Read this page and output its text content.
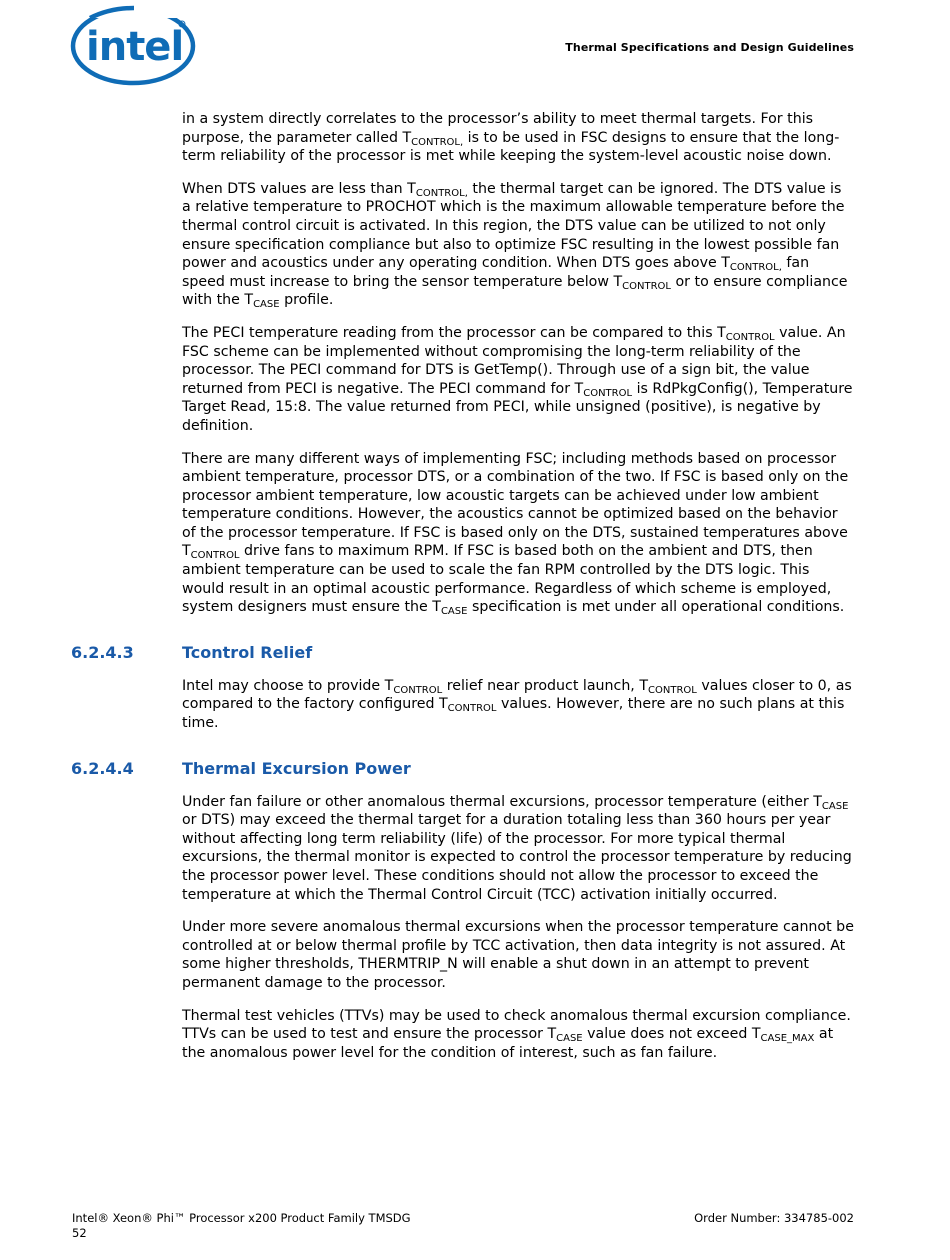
intel	Thermal Specifications and Design Guidelines

in a system directly correlates to the processor’s ability to meet thermal targets. For this purpose, the parameter called $T_{CONTROL,}$ is to be used in FSC designs to ensure that the long-term reliability of the processor is met while keeping the system-level acoustic noise down.

When DTS values are less than $T_{CONTROL,}$ the thermal target can be ignored. The DTS value is a relative temperature to PROCHOT which is the maximum allowable temperature before the thermal control circuit is activated. In this region, the DTS value can be utilized to not only ensure specification compliance but also to optimize FSC resulting in the lowest possible fan power and acoustics under any operating condition. When DTS goes above $T_{CONTROL,}$ fan speed must increase to bring the sensor temperature below $T_{CONTROL}$ or to ensure compliance with the $T_{CASE}$ profile.

The PECI temperature reading from the processor can be compared to this $T_{CONTROL}$ value. An FSC scheme can be implemented without compromising the long-term reliability of the processor. The PECI command for DTS is GetTemp(). Through use of a sign bit, the value returned from PECI is negative. The PECI command for $T_{CONTROL}$ is RdPkgConfig(), Temperature Target Read, 15:8. The value returned from PECI, while unsigned (positive), is negative by definition.

There are many different ways of implementing FSC; including methods based on processor ambient temperature, processor DTS, or a combination of the two. If FSC is based only on the processor ambient temperature, low acoustic targets can be achieved under low ambient temperature conditions. However, the acoustics cannot be optimized based on the behavior of the processor temperature. If FSC is based only on the DTS, sustained temperatures above $T_{CONTROL}$ drive fans to maximum RPM. If FSC is based both on the ambient and DTS, then ambient temperature can be used to scale the fan RPM controlled by the DTS logic. This would result in an optimal acoustic performance. Regardless of which scheme is employed, system designers must ensure the $T_{CASE}$ specification is met under all operational conditions.

6.2.4.3	Tcontrol Relief

Intel may choose to provide $T_{CONTROL}$ relief near product launch, $T_{CONTROL}$ values closer to 0, as compared to the factory configured $T_{CONTROL}$ values. However, there are no such plans at this time.

6.2.4.4	Thermal Excursion Power

Under fan failure or other anomalous thermal excursions, processor temperature (either $T_{CASE}$ or DTS) may exceed the thermal target for a duration totaling less than 360 hours per year without affecting long term reliability (life) of the processor. For more typical thermal excursions, the thermal monitor is expected to control the processor temperature by reducing the processor power level. These conditions should not allow the processor to exceed the temperature at which the Thermal Control Circuit (TCC) activation initially occurred.

Under more severe anomalous thermal excursions when the processor temperature cannot be controlled at or below thermal profile by TCC activation, then data integrity is not assured. At some higher thresholds, THERMTRIP_N will enable a shut down in an attempt to prevent permanent damage to the processor.

Thermal test vehicles (TTVs) may be used to check anomalous thermal excursion compliance. TTVs can be used to test and ensure the processor $T_{CASE}$ value does not exceed $T_{CASE\_MAX}$ at the anomalous power level for the condition of interest, such as fan failure.

Intel® Xeon® Phi™ Processor x200 Product Family TMSDG
52
Order Number: 334785-002
